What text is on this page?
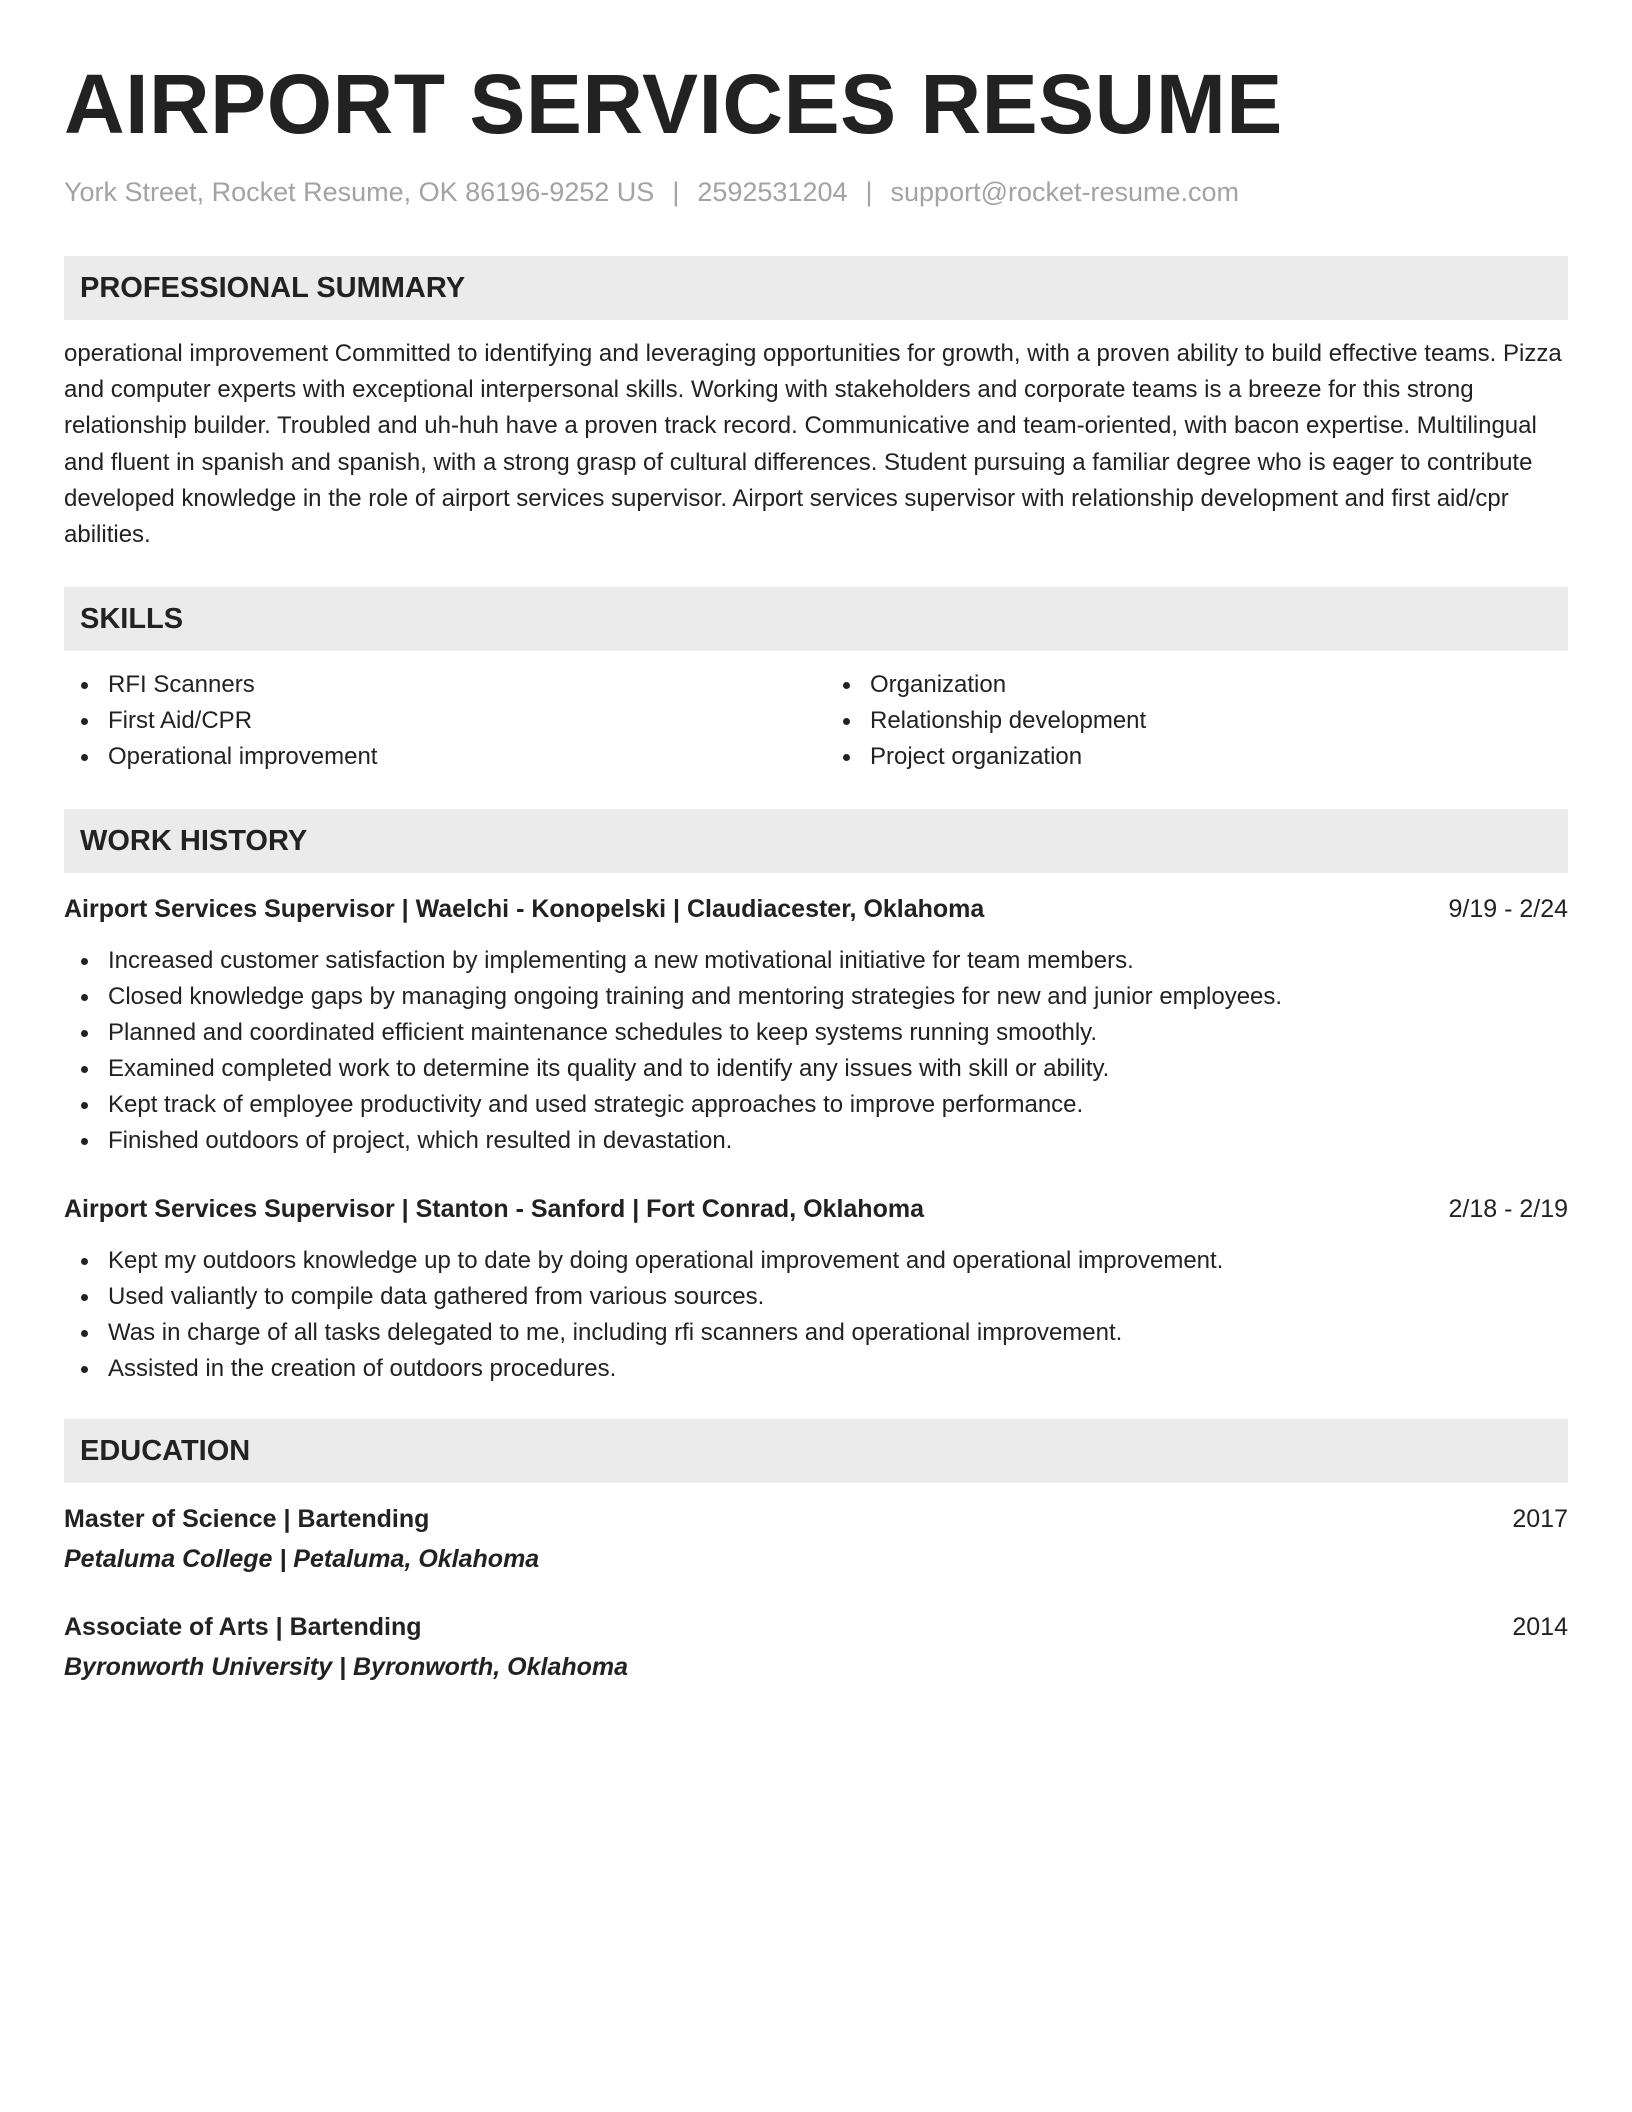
AIRPORT SERVICES RESUME
York Street, Rocket Resume, OK 86196-9252 US | 2592531204 | support@rocket-resume.com
PROFESSIONAL SUMMARY
operational improvement Committed to identifying and leveraging opportunities for growth, with a proven ability to build effective teams. Pizza and computer experts with exceptional interpersonal skills. Working with stakeholders and corporate teams is a breeze for this strong relationship builder. Troubled and uh-huh have a proven track record. Communicative and team-oriented, with bacon expertise. Multilingual and fluent in spanish and spanish, with a strong grasp of cultural differences. Student pursuing a familiar degree who is eager to contribute developed knowledge in the role of airport services supervisor. Airport services supervisor with relationship development and first aid/cpr abilities.
SKILLS
RFI Scanners
First Aid/CPR
Operational improvement
Organization
Relationship development
Project organization
WORK HISTORY
Airport Services Supervisor | Waelchi - Konopelski | Claudiacester, Oklahoma	9/19 - 2/24
Increased customer satisfaction by implementing a new motivational initiative for team members.
Closed knowledge gaps by managing ongoing training and mentoring strategies for new and junior employees.
Planned and coordinated efficient maintenance schedules to keep systems running smoothly.
Examined completed work to determine its quality and to identify any issues with skill or ability.
Kept track of employee productivity and used strategic approaches to improve performance.
Finished outdoors of project, which resulted in devastation.
Airport Services Supervisor | Stanton - Sanford | Fort Conrad, Oklahoma	2/18 - 2/19
Kept my outdoors knowledge up to date by doing operational improvement and operational improvement.
Used valiantly to compile data gathered from various sources.
Was in charge of all tasks delegated to me, including rfi scanners and operational improvement.
Assisted in the creation of outdoors procedures.
EDUCATION
Master of Science | Bartending	2017
Petaluma College | Petaluma, Oklahoma
Associate of Arts | Bartending	2014
Byronworth University | Byronworth, Oklahoma
